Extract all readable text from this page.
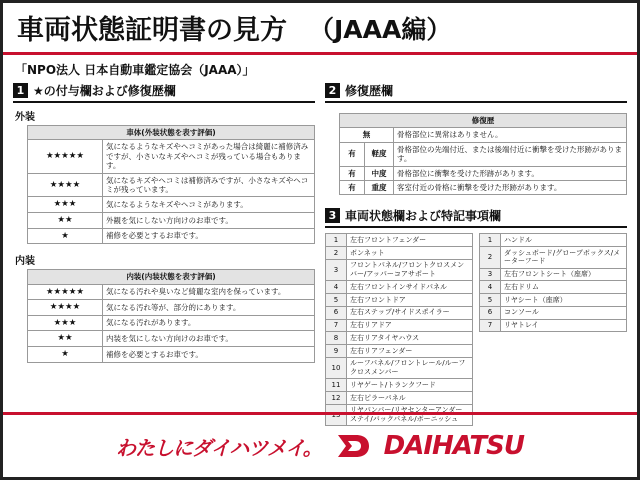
車両状態証明書の見方 （JAAA編）
「NPO法人 日本自動車鑑定協会（JAAA）」
1 ★の付与欄および修復歴欄
外装
車体(外装状態を表す評価)	
★★★★★	気になるようなキズやヘコミがあった場合は綺麗に補修済みですが、小さいなキズやヘコミが残っている場合もあります。
★★★★	気になるキズやヘコミは補修済みですが、小さなキズやヘコミが残っています。
★★★	気になるようなキズやヘコミがあります。
★★	外観を気にしない方向けのお車です。
★	補修を必要とするお車です。
内装
内装(内装状態を表す評価)	
★★★★★	気になる汚れや臭いなど綺麗な室内を保っています。
★★★★	気になる汚れ等が、部分的にあります。
★★★	気になる汚れがあります。
★★	内装を気にしない方向けのお車です。
★	補修を必要とするお車です。
2 修復歴欄
修復歴		
無		骨格部位に異常はありません。
有	軽度	骨格部位の先端付近、または後端付近に衝撃を受けた形跡があります。
有	中度	骨格部位に衝撃を受けた形跡があります。
有	重度	客室付近の骨格に衝撃を受けた形跡があります。
3 車両状態欄および特記事項欄
1	左右フロントフェンダー
2	ボンネット
3	フロントパネル/フロントクロスメンバー/アッパーコアサポート
4	左右フロントインサイドパネル
5	左右フロントドア
6	左右ステップ/サイドスポイラー
7	左右リアドア
8	左右リアタイヤハウス
9	左右リアフェンダー
10	ルーフパネル/フロントレール/ルーフクロスメンバー
11	リヤゲート/トランクフード
12	左右ピラーパネル
13	リヤパンパー/リヤセンターアンダーステイ/バックパネル/ボーニッシュ
1	ハンドル
2	ダッシュボード/グローブボックス/メーターフード
3	左右フロントシート（座席）
4	左右ドリム
5	リヤシート（座席）
6	コンソール
7	リヤトレイ
わたしにダイハツメイ。 DAIHATSU
